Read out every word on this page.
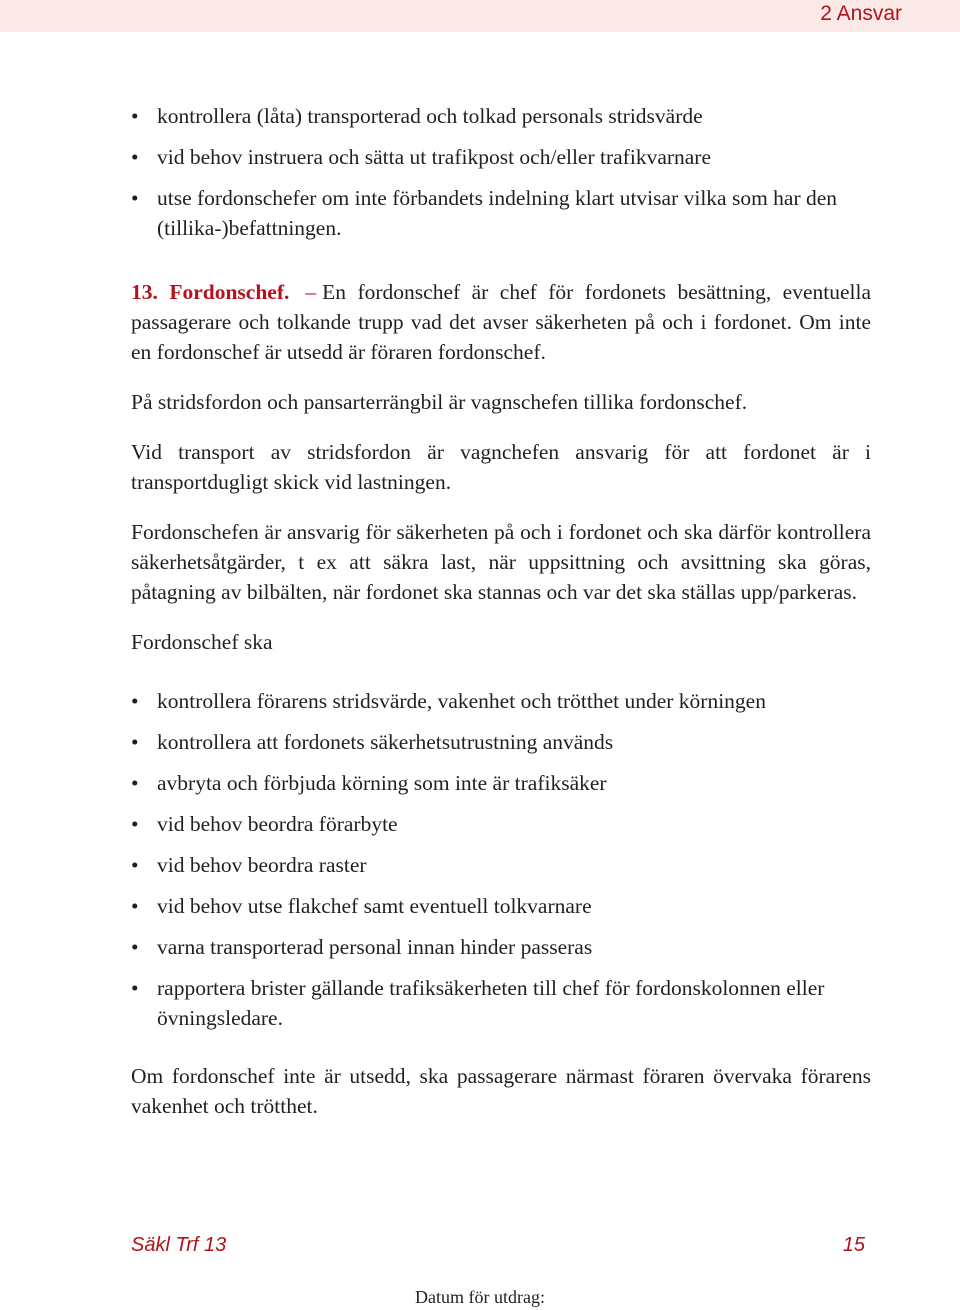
2 Ansvar
• kontrollera (låta) transporterad och tolkad personals stridsvärde
• vid behov instruera och sätta ut trafikpost och/eller trafikvarnare
• utse fordonschefer om inte förbandets indelning klart utvisar vilka som har den (tillika-)befattningen.

13. Fordonschef. – En fordonschef är chef för fordonets besättning, eventuella passagerare och tolkande trupp vad det avser säkerheten på och i fordonet. Om inte en fordonschef är utsedd är föraren fordonschef.

På stridsfordon och pansarterrängbil är vagnschefen tillika fordonschef.

Vid transport av stridsfordon är vagnchefen ansvarig för att fordonet är i transportdugligt skick vid lastningen.

Fordonschefen är ansvarig för säkerheten på och i fordonet och ska därför kontrollera säkerhetsåtgärder, t ex att säkra last, när uppsittning och avsittning ska göras, påtagning av bilbälten, när fordonet ska stannas och var det ska ställas upp/parkeras.

Fordonschef ska

• kontrollera förarens stridsvärde, vakenhet och trötthet under körningen
• kontrollera att fordonets säkerhetsutrustning används
• avbryta och förbjuda körning som inte är trafiksäker
• vid behov beordra förarbyte
• vid behov beordra raster
• vid behov utse flakchef samt eventuell tolkvarnare
• varna transporterad personal innan hinder passeras
• rapportera brister gällande trafiksäkerheten till chef för fordonskolonnen eller övningsledare.

Om fordonschef inte är utsedd, ska passagerare närmast föraren övervaka förarens vakenhet och trötthet.

Säkl Trf 13	15
Datum för utdrag:
